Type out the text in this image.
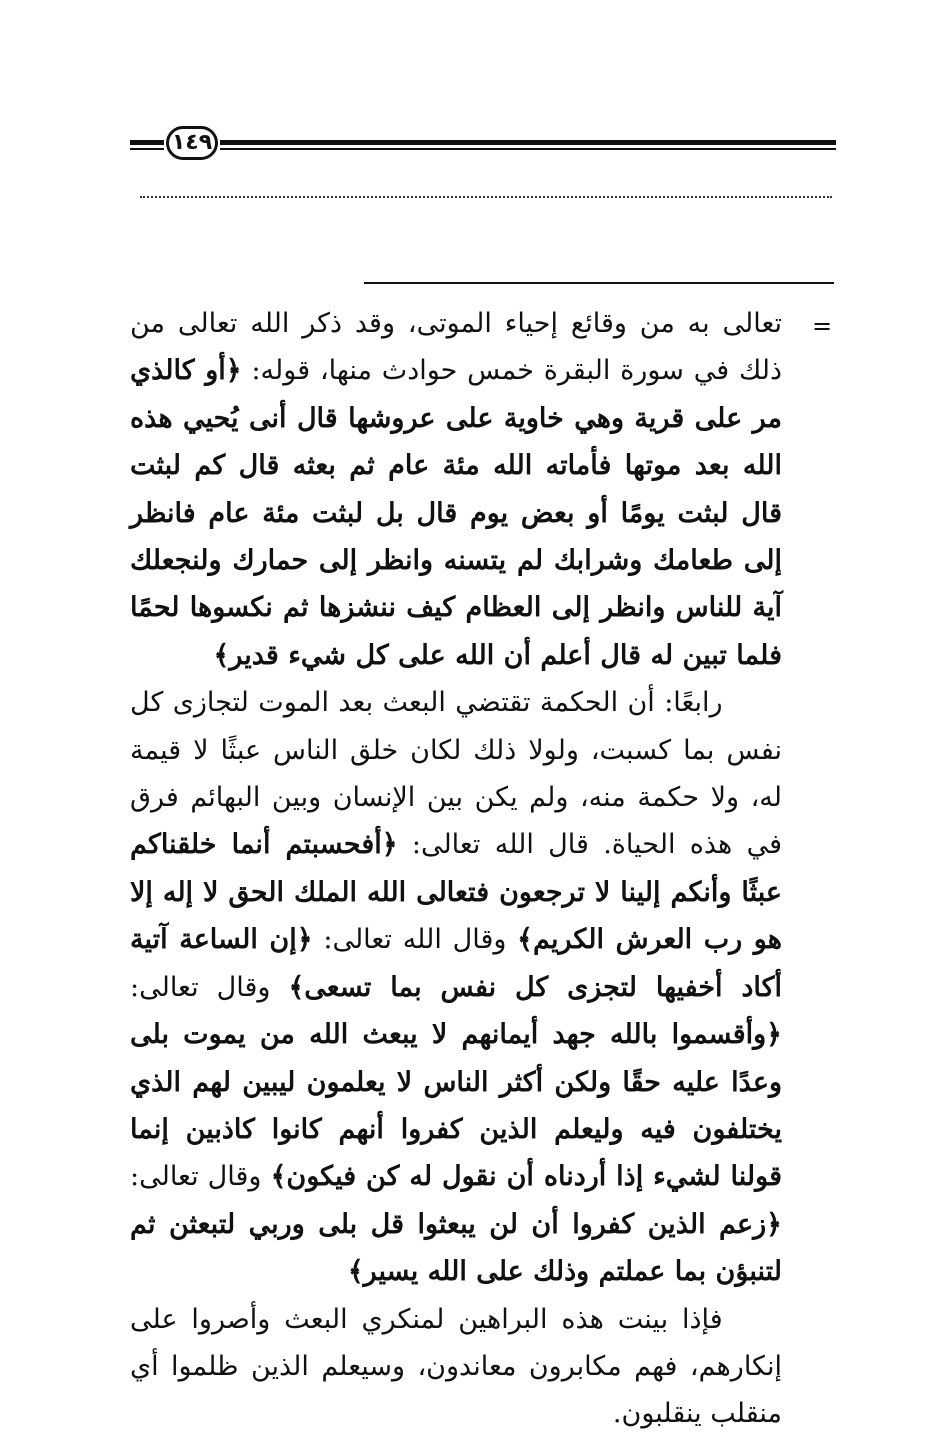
١٤٩
=

تعالى به من وقائع إحياء الموتى، وقد ذكر الله تعالى من ذلك في سورة البقرة خمس حوادث منها، قوله: ﴿أو كالذي مر على قرية وهي خاوية على عروشها قال أنى يُحيي هذه الله بعد موتها فأماته الله مئة عام ثم بعثه قال كم لبثت قال لبثت يومًا أو بعض يوم قال بل لبثت مئة عام فانظر إلى طعامك وشرابك لم يتسنه وانظر إلى حمارك ولنجعلك آية للناس وانظر إلى العظام كيف ننشزها ثم نكسوها لحمًا فلما تبين له قال أعلم أن الله على كل شيء قدير﴾

رابعًا: أن الحكمة تقتضي البعث بعد الموت لتجازى كل نفس بما كسبت، ولولا ذلك لكان خلق الناس عبثًا لا قيمة له، ولا حكمة منه، ولم يكن بين الإنسان وبين البهائم فرق في هذه الحياة. قال الله تعالى: ﴿أفحسبتم أنما خلقناكم عبثًا وأنكم إلينا لا ترجعون فتعالى الله الملك الحق لا إله إلا هو رب العرش الكريم﴾ وقال الله تعالى: ﴿إن الساعة آتية أكاد أخفيها لتجزى كل نفس بما تسعى﴾ وقال تعالى: ﴿وأقسموا بالله جهد أيمانهم لا يبعث الله من يموت بلى وعدًا عليه حقًا ولكن أكثر الناس لا يعلمون ليبين لهم الذي يختلفون فيه وليعلم الذين كفروا أنهم كانوا كاذبين إنما قولنا لشيء إذا أردناه أن نقول له كن فيكون﴾ وقال تعالى: ﴿زعم الذين كفروا أن لن يبعثوا قل بلى وربي لتبعثن ثم لتنبؤن بما عملتم وذلك على الله يسير﴾

فإذا بينت هذه البراهين لمنكري البعث وأصروا على إنكارهم، فهم مكابرون معاندون، وسيعلم الذين ظلموا أي منقلب ينقلبون.
